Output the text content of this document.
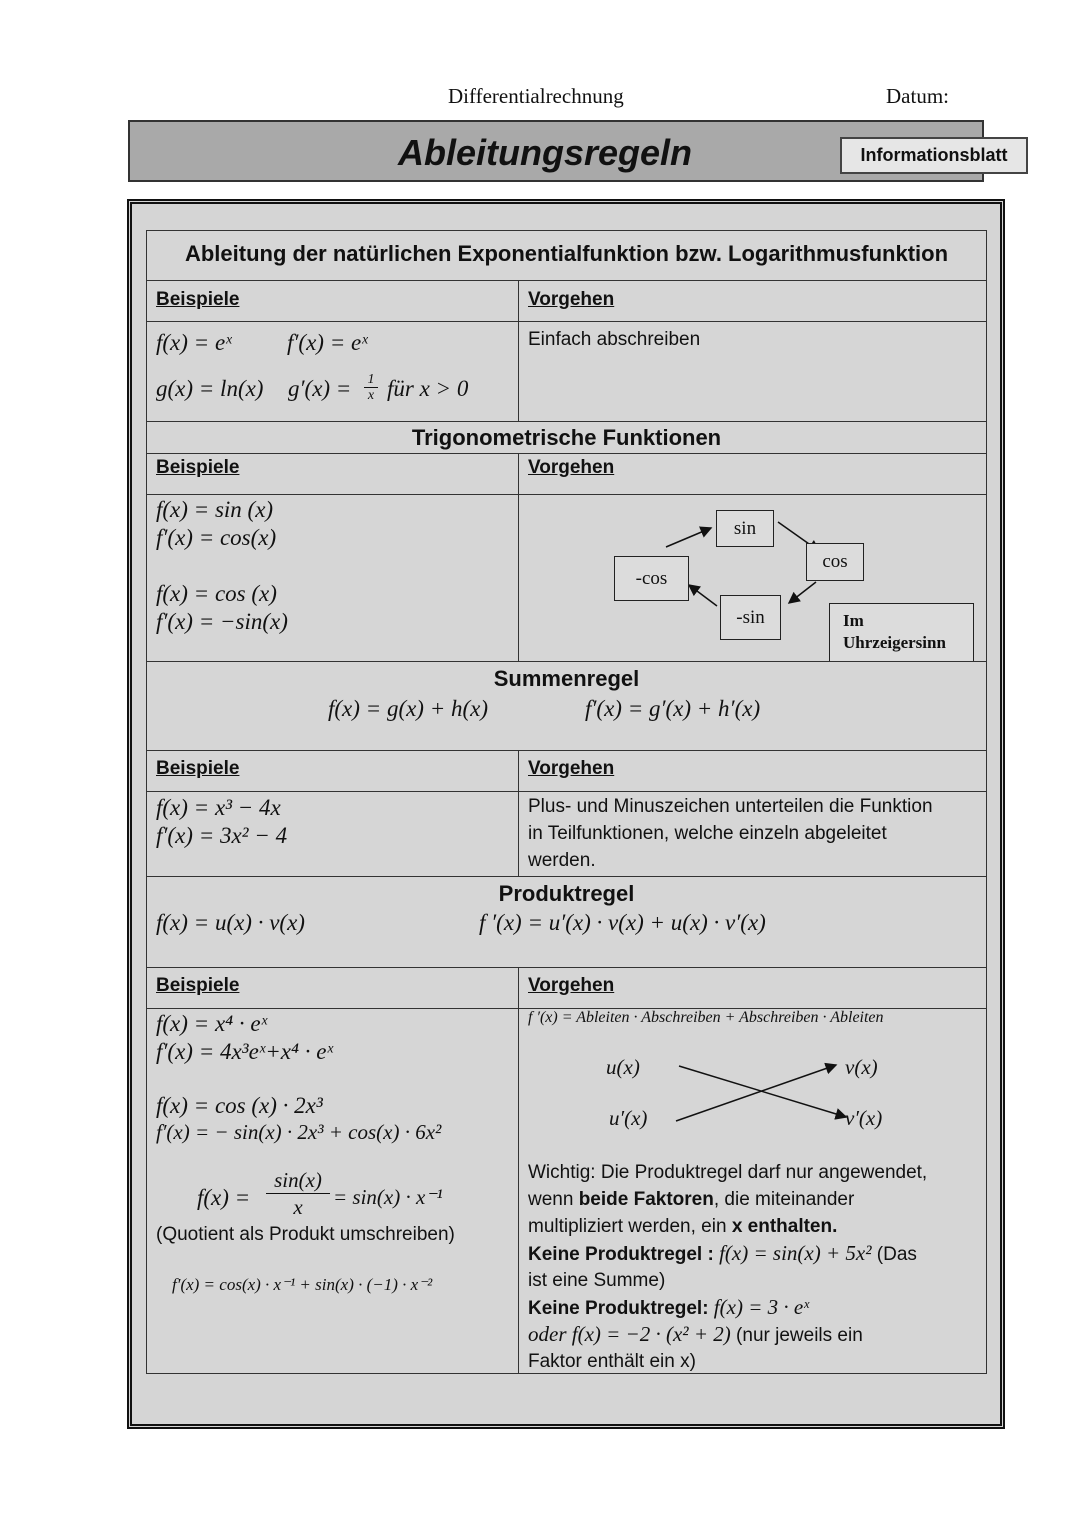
Differentialrechnung	Datum:
Ableitungsregeln	Informationsblatt
Ableitung der natürlichen Exponentialfunktion bzw. Logarithmusfunktion
Beispiele	Vorgehen
f(x) = eˣ f′(x) = eˣ
g(x) = ln(x) $g'(x) = \frac{1}{x}$ für x > 0
Einfach abschreiben
Trigonometrische Funktionen
Beispiele	Vorgehen
f(x) = sin (x)
f′(x) = cos(x)
f(x) = cos (x)
f′(x) = −sin(x)
sin
cos
-sin
-cos
Im
Uhrzeigersinn
Summenregel
f(x) = g(x) + h(x)	f′(x) = g′(x) + h′(x)
Beispiele	Vorgehen
f(x) = x³ − 4x
f′(x) = 3x² − 4
Plus- und Minuszeichen unterteilen die Funktion
in Teilfunktionen, welche einzeln abgeleitet
werden.
Produktregel
f(x) = u(x) · v(x)	f ′(x) = u′(x) · v(x) + u(x) · v′(x)
Beispiele	Vorgehen
f(x) = x⁴ · eˣ
f′(x) = 4x³eˣ+x⁴ · eˣ
f(x) = cos (x) · 2x³
f′(x) = − sin(x) · 2x³ + cos(x) · 6x²
$f(x) = \frac{\sin(x)}{x} = \sin(x) \cdot x^{-1}$
(Quotient als Produkt umschreiben)
f′(x) = cos(x) · x⁻¹ + sin(x) · (−1) · x⁻²
f ′(x) = Ableiten · Abschreiben + Abschreiben · Ableiten
u(x)	v(x)
u′(x)	v′(x)
Wichtig: Die Produktregel darf nur angewendet,
wenn beide Faktoren, die miteinander
multipliziert werden, ein x enthalten.
Keine Produktregel : f(x) = sin(x) + 5x² (Das
ist eine Summe)
Keine Produktregel: f(x) = 3 · eˣ
oder f(x) = −2 · (x² + 2) (nur jeweils ein
Faktor enthält ein x)
